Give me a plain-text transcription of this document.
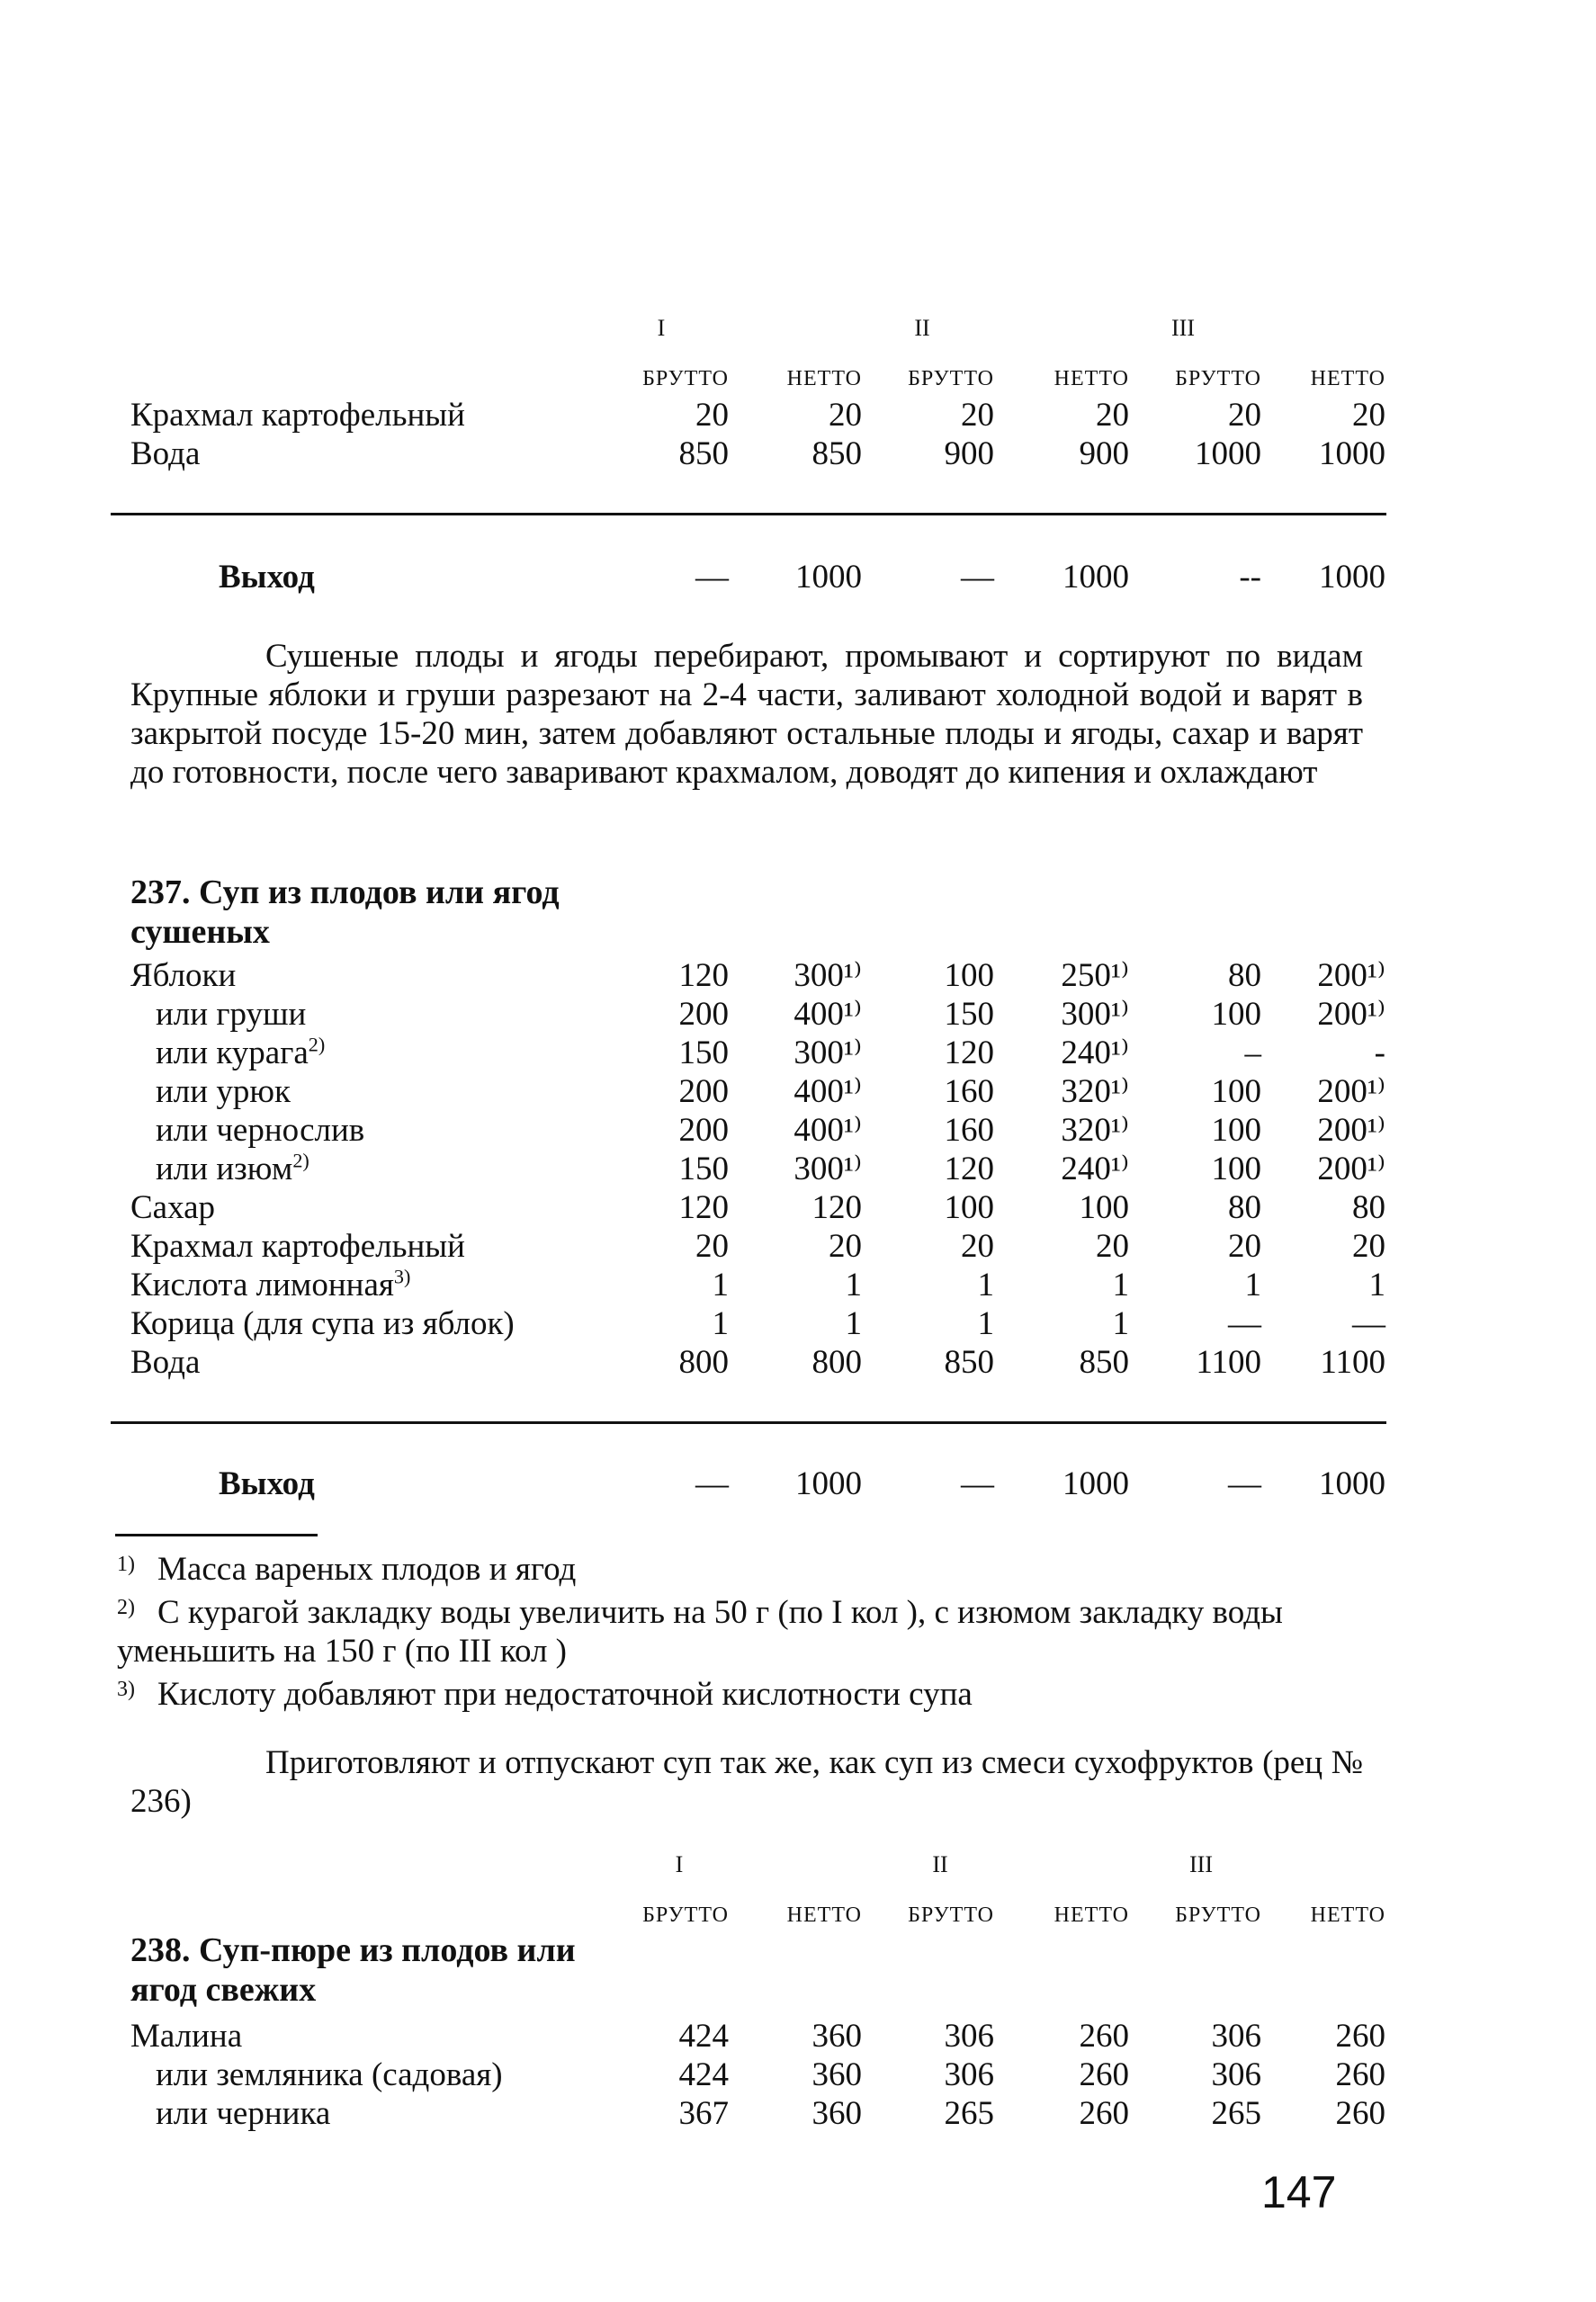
I	II	III
БРУТТО	НЕТТО	БРУТТО	НЕТТО	БРУТТО	НЕТТО
Крахмал картофельный	20	20	20	20	20	20
Вода	850	850	900	900	1000	1000
Выход	—	1000	—	1000	--	1000
Сушеные плоды и ягоды перебирают, промывают и сортируют по видам Крупные яблоки и груши разрезают на 2-4 части, заливают холодной водой и варят в закрытой посуде 15-20 мин, затем добавляют остальные плоды и ягоды, сахар и варят до готовности, после чего заваривают крахмалом, доводят до кипения и охлаждают
237. Суп из плодов или ягод
сушеных
Яблоки	120	300¹⁾	100	250¹⁾	80	200¹⁾
или груши	200	400¹⁾	150	300¹⁾	100	200¹⁾
или курага$^{2)}$	150	300¹⁾	120	240¹⁾	–	-
или урюк	200	400¹⁾	160	320¹⁾	100	200¹⁾
или чернослив	200	400¹⁾	160	320¹⁾	100	200¹⁾
или изюм$^{2)}$	150	300¹⁾	120	240¹⁾	100	200¹⁾
Сахар	120	120	100	100	80	80
Крахмал картофельный	20	20	20	20	20	20
Кислота лимонная$^{3)}$	1	1	1	1	1	1
Корица (для супа из яблок)	1	1	1	1	—	—
Вода	800	800	850	850	1100	1100
Выход	—	1000	—	1000	—	1000
1) Масса вареных плодов и ягод
2) С курагой закладку воды увеличить на 50 г (по I кол ), с изюмом закладку воды уменьшить на 150 г (по III кол )
3) Кислоту добавляют при недостаточной кислотности супа
Приготовляют и отпускают суп так же, как суп из смеси сухофруктов (рец № 236)
I	II	III
БРУТТО	НЕТТО	БРУТТО	НЕТТО	БРУТТО	НЕТТО
238. Суп-пюре из плодов или
ягод свежих
Малина	424	360	306	260	306	260
или земляника (садовая)	424	360	306	260	306	260
или черника	367	360	265	260	265	260
147
